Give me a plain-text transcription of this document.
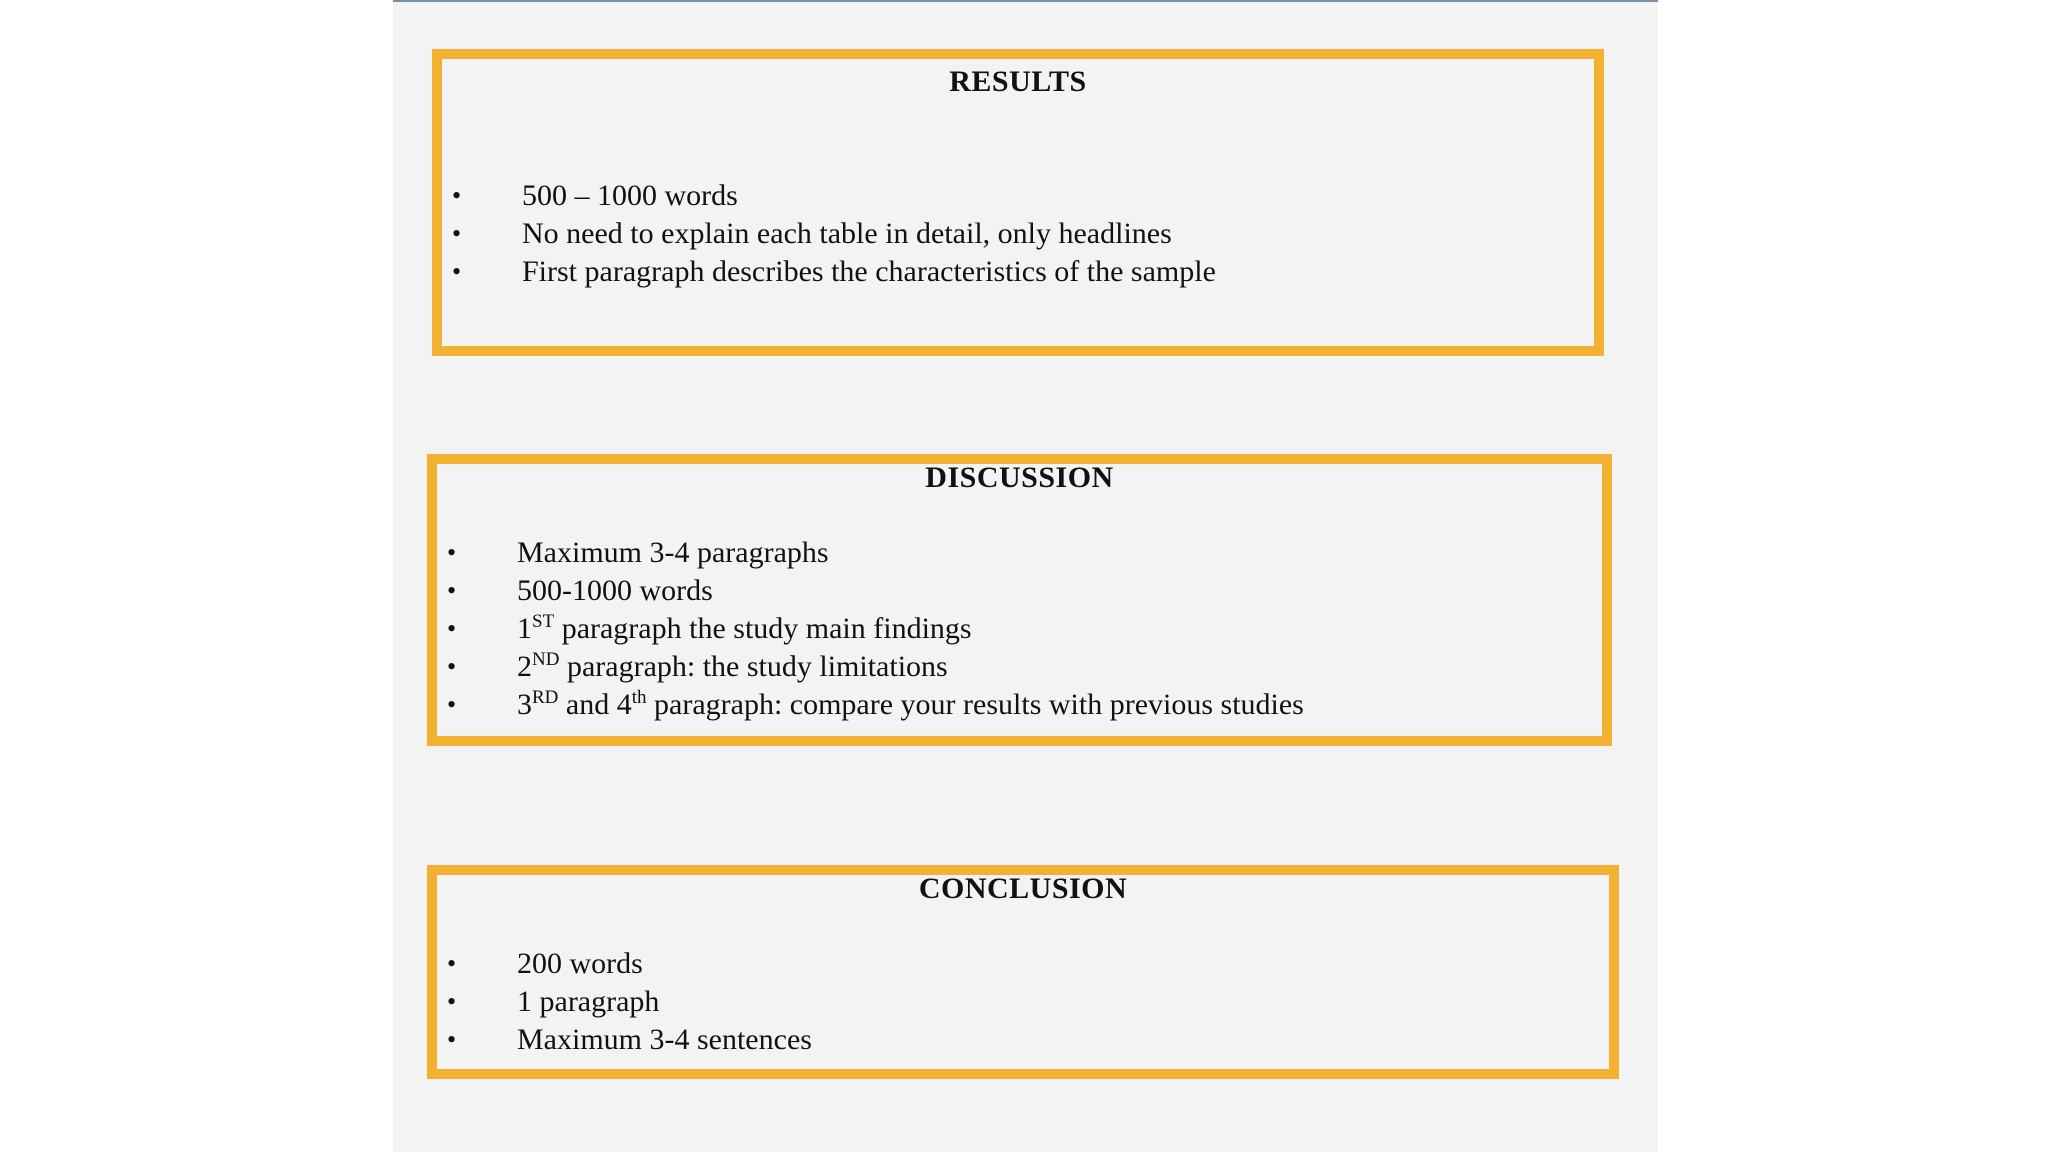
RESULTS
• 500 – 1000 words
• No need to explain each table in detail, only headlines
• First paragraph describes the characteristics of the sample
DISCUSSION
• Maximum 3-4 paragraphs
• 500-1000 words
• 1ST paragraph the study main findings
• 2ND paragraph: the study limitations
• 3RD and 4th paragraph: compare your results with previous studies
CONCLUSION
• 200 words
• 1 paragraph
• Maximum 3-4 sentences
